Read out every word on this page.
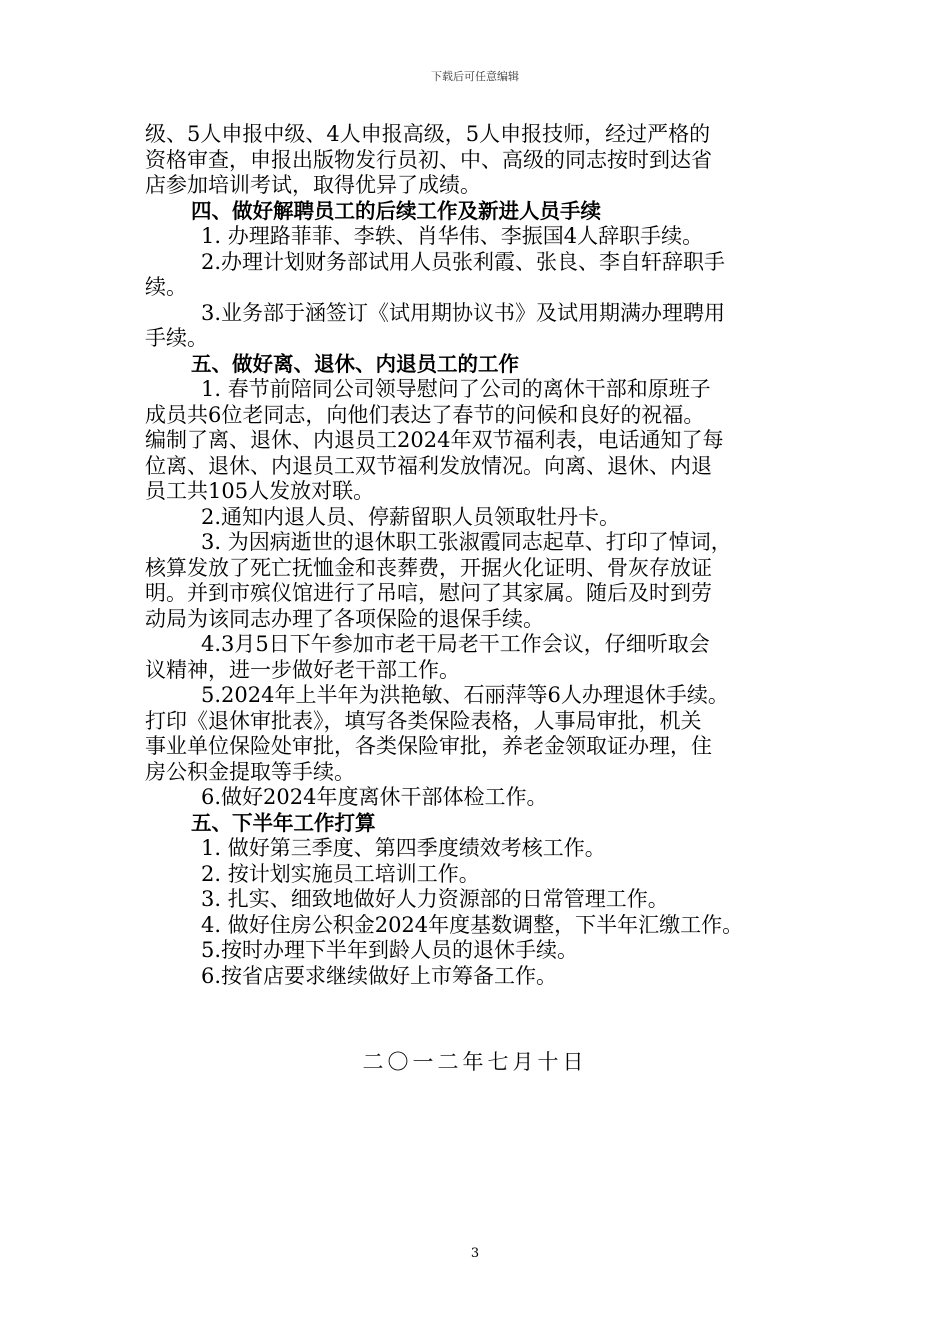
下载后可任意编辑
级、5人申报中级、4人申报高级，5人申报技师，经过严格的
资格审查，申报出版物发行员初、中、高级的同志按时到达省
店参加培训考试，取得优异了成绩。
四、做好解聘员工的后续工作及新进人员手续
1. 办理路菲菲、李轶、肖华伟、李振国4人辞职手续。
2.办理计划财务部试用人员张利霞、张良、李自轩辞职手
续。
3.业务部于涵签订《试用期协议书》及试用期满办理聘用
手续。
五、做好离、退休、内退员工的工作
1. 春节前陪同公司领导慰问了公司的离休干部和原班子
成员共6位老同志，向他们表达了春节的问候和良好的祝福。
编制了离、退休、内退员工2024年双节福利表，电话通知了每
位离、退休、内退员工双节福利发放情况。向离、退休、内退
员工共105人发放对联。
2.通知内退人员、停薪留职人员领取牡丹卡。
3. 为因病逝世的退休职工张淑霞同志起草、打印了悼词，
核算发放了死亡抚恤金和丧葬费，开据火化证明、骨灰存放证
明。并到市殡仪馆进行了吊唁，慰问了其家属。随后及时到劳
动局为该同志办理了各项保险的退保手续。
4.3月5日下午参加市老干局老干工作会议，仔细听取会
议精神，进一步做好老干部工作。
5.2024年上半年为洪艳敏、石丽萍等6人办理退休手续。
打印《退休审批表》，填写各类保险表格，人事局审批，机关
事业单位保险处审批，各类保险审批，养老金领取证办理，住
房公积金提取等手续。
6.做好2024年度离休干部体检工作。
五、下半年工作打算
1. 做好第三季度、第四季度绩效考核工作。
2. 按计划实施员工培训工作。
3. 扎实、细致地做好人力资源部的日常管理工作。
4. 做好住房公积金2024年度基数调整，下半年汇缴工作。
5.按时办理下半年到龄人员的退休手续。
6.按省店要求继续做好上市筹备工作。
二〇一二年七月十日
3
